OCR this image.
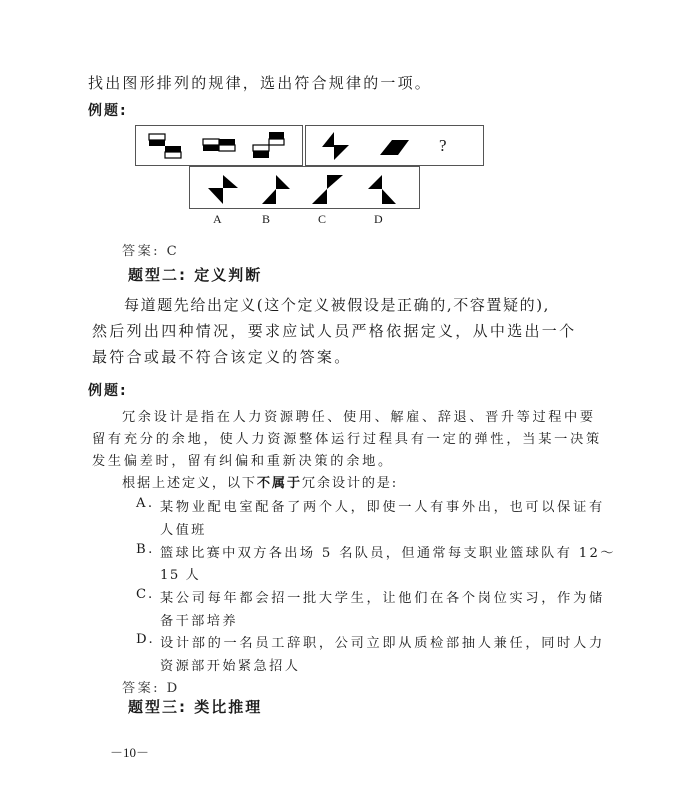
找出图形排列的规律，选出符合规律的一项。
例题:
?
A	B	C	D
答案: C
题型二: 定义判断
每道题先给出定义(这个定义被假设是正确的,不容置疑的),
然后列出四种情况，要求应试人员严格依据定义，从中选出一个
最符合或最不符合该定义的答案。
例题:
冗余设计是指在人力资源聘任、使用、解雇、辞退、晋升等过程中要
留有充分的余地，使人力资源整体运行过程具有一定的弹性，当某一决策
发生偏差时，留有纠偏和重新决策的余地。
根据上述定义，以下不属于冗余设计的是:
A. 某物业配电室配备了两个人，即使一人有事外出，也可以保证有
人值班
B. 篮球比赛中双方各出场 5 名队员，但通常每支职业篮球队有 12～
15 人
C. 某公司每年都会招一批大学生，让他们在各个岗位实习，作为储
备干部培养
D. 设计部的一名员工辞职，公司立即从质检部抽人兼任，同时人力
资源部开始紧急招人
答案: D
题型三: 类比推理
－10－
